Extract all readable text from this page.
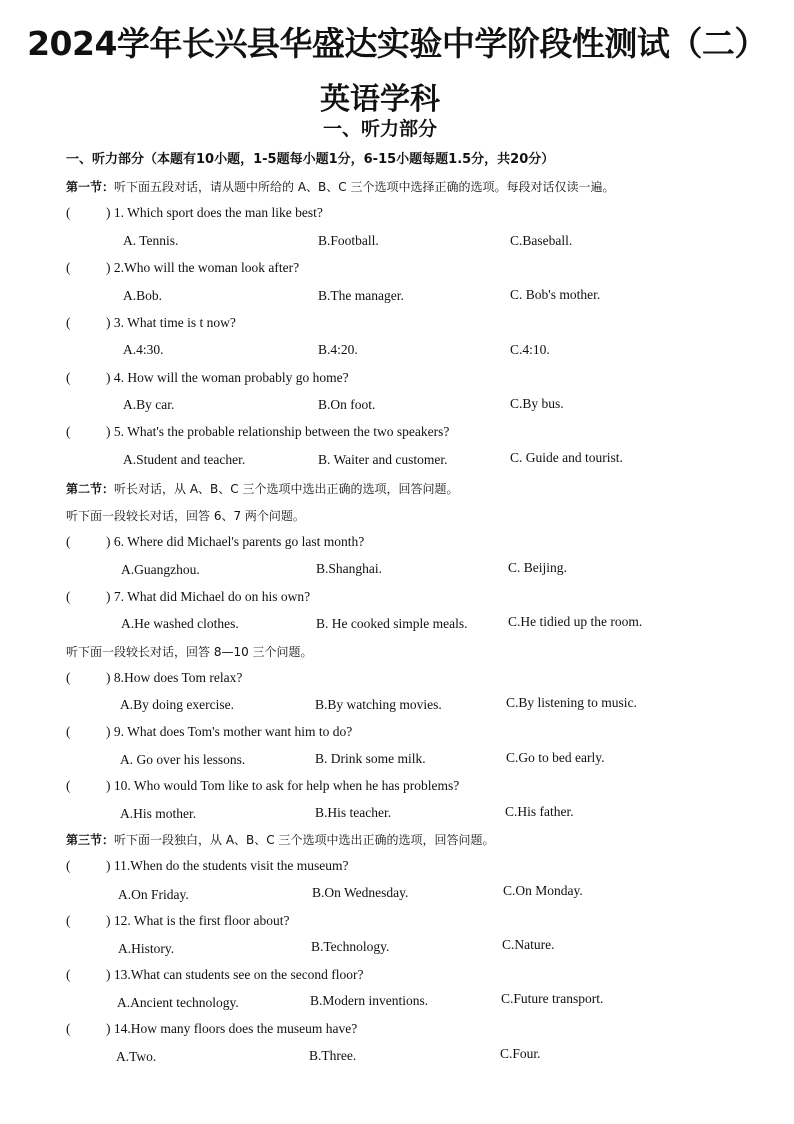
2024学年长兴县华盛达实验中学阶段性测试（二）
英语学科
一、听力部分
一、听力部分（本题有10小题，1-5题每小题1分，6-15小题每题1.5分，共20分）
第一节：听下面五段对话，请从题中所给的 A、B、C 三个选项中选择正确的选项。每段对话仅读一遍。
(	) 1. Which sport does the man like best?
A. Tennis.	B.Football.	C.Baseball.
(	) 2.Who will the woman look after?
A.Bob.	B.The manager.	C. Bob's mother.
(	) 3. What time is t now?
A.4:30.	B.4:20.	C.4:10.
(	) 4. How will the woman probably go home?
A.By car.	B.On foot.	C.By bus.
(	) 5. What's the probable relationship between the two speakers?
A.Student and teacher.	B. Waiter and customer.	C. Guide and tourist.
第二节：听长对话，从 A、B、C 三个选项中选出正确的选项，回答问题。
听下面一段较长对话，回答 6、7 两个问题。
(	) 6. Where did Michael's parents go last month?
A.Guangzhou.	B.Shanghai.	C. Beijing.
(	) 7. What did Michael do on his own?
A.He washed clothes.	B. He cooked simple meals.	C.He tidied up the room.
听下面一段较长对话，回答 8—10 三个问题。
(	) 8.How does Tom relax?
A.By doing exercise.	B.By watching movies.	C.By listening to music.
(	) 9. What does Tom's mother want him to do?
A. Go over his lessons.	B. Drink some milk.	C.Go to bed early.
(	) 10. Who would Tom like to ask for help when he has problems?
A.His mother.	B.His teacher.	C.His father.
第三节：听下面一段独白，从 A、B、C 三个选项中选出正确的选项，回答问题。
(	) 11.When do the students visit the museum?
A.On Friday.	B.On Wednesday.	C.On Monday.
(	) 12. What is the first floor about?
A.History.	B.Technology.	C.Nature.
(	) 13.What can students see on the second floor?
A.Ancient technology.	B.Modern inventions.	C.Future transport.
(	) 14.How many floors does the museum have?
A.Two.	B.Three.	C.Four.
